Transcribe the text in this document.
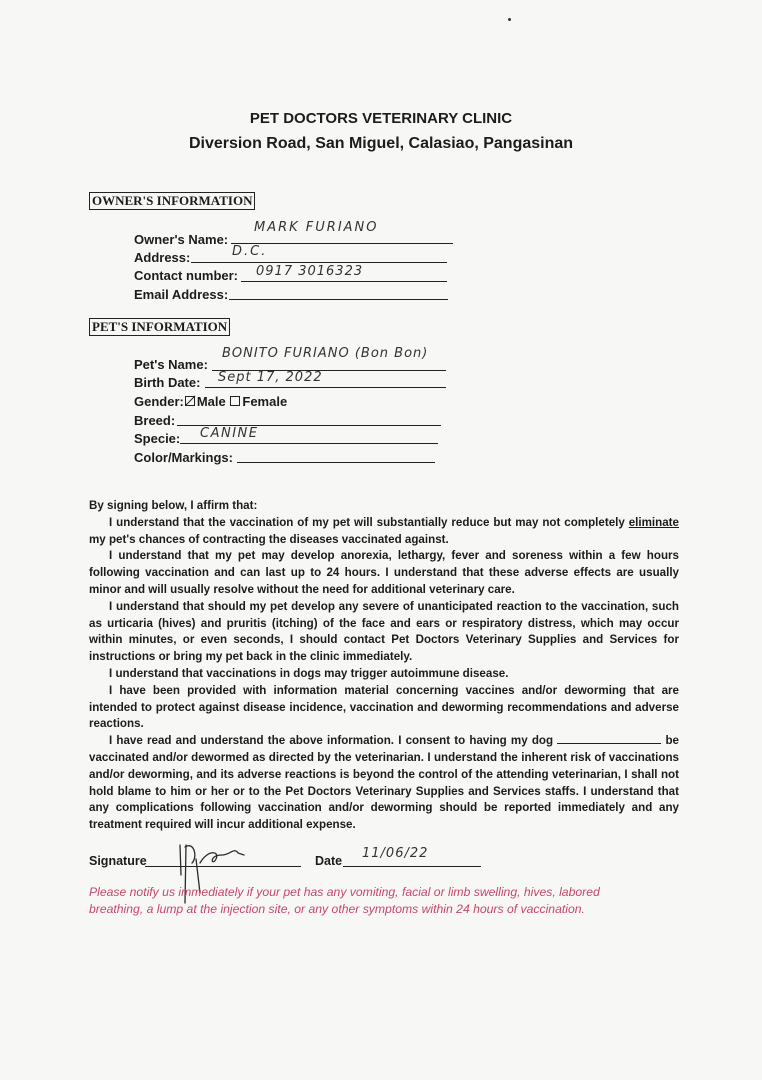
PET DOCTORS VETERINARY CLINIC
Diversion Road, San Miguel, Calasiao, Pangasinan
OWNER'S INFORMATION
Owner's Name:
MARK FURIANO
Address:	D.C.
Contact number: 0917 3016323
Email Address:
PET'S INFORMATION
Pet's Name:
BONITO FURIANO (Bon Bon)
Birth Date: Sept 17, 2022
Gender: Male Female
Breed:
Specie: CANINE
Color/Markings:

By signing below, I affirm that:

I understand that the vaccination of my pet will substantially reduce but may not completely eliminate my pet's chances of contracting the diseases vaccinated against.

I understand that my pet may develop anorexia, lethargy, fever and soreness within a few hours following vaccination and can last up to 24 hours. I understand that these adverse effects are usually minor and will usually resolve without the need for additional veterinary care.

I understand that should my pet develop any severe of unanticipated reaction to the vaccination, such as urticaria (hives) and pruritis (itching) of the face and ears or respiratory distress, which may occur within minutes, or even seconds, I should contact Pet Doctors Veterinary Supplies and Services for instructions or bring my pet back in the clinic immediately.

I understand that vaccinations in dogs may trigger autoimmune disease.

I have been provided with information material concerning vaccines and/or deworming that are intended to protect against disease incidence, vaccination and deworming recommendations and adverse reactions.

I have read and understand the above information. I consent to having my dog	be vaccinated and/or dewormed as directed by the veterinarian. I understand the inherent risk of vaccinations and/or deworming, and its adverse reactions is beyond the control of the attending veterinarian, I shall not hold blame to him or her or to the Pet Doctors Veterinary Supplies and Services staffs. I understand that any complications following vaccination and/or deworming should be reported immediately and any treatment required will incur additional expense.

Signature	Date 11/06/22
Please notify us immediately if your pet has any vomiting, facial or limb swelling, hives, labored breathing, a lump at the injection site, or any other symptoms within 24 hours of vaccination.
